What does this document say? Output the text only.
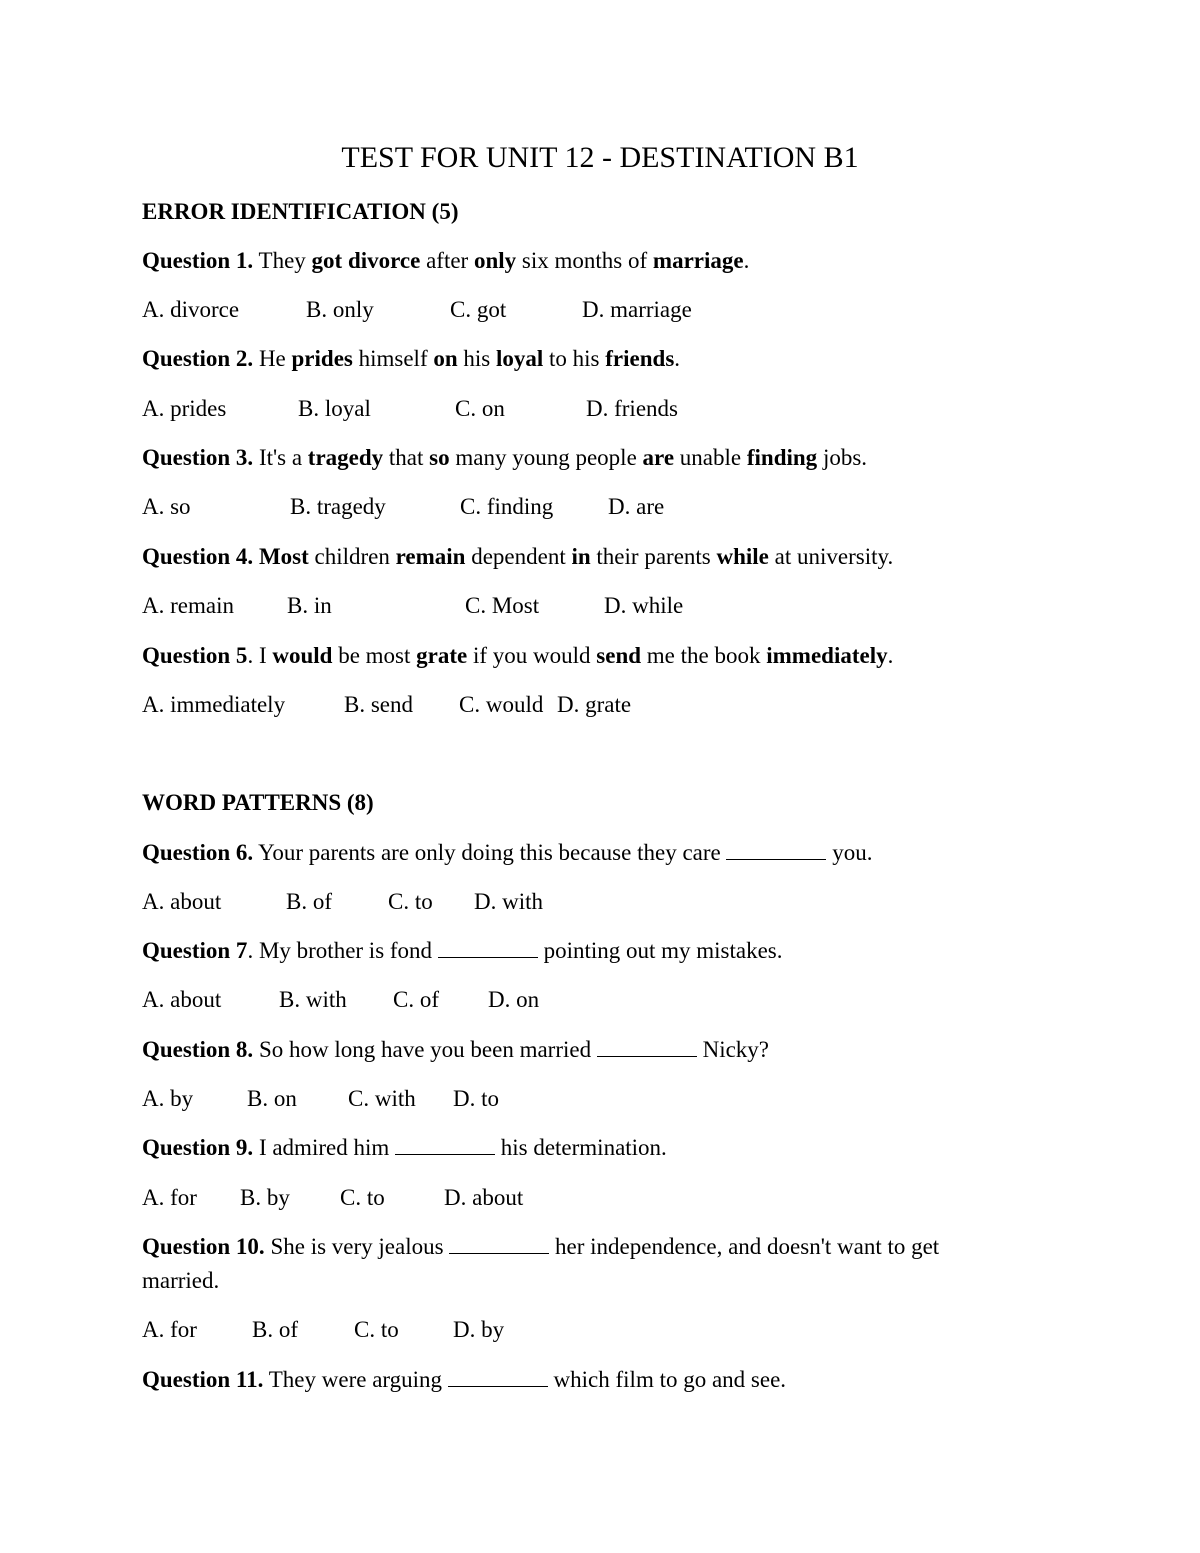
TEST FOR UNIT 12 - DESTINATION B1
ERROR IDENTIFICATION (5)
Question 1. They got divorce after only six months of marriage.
A. divorce	B. only	C. got	D. marriage
Question 2. He prides himself on his loyal to his friends.
A. prides	B. loyal	C. on	D. friends
Question 3. It's a tragedy that so many young people are unable finding jobs.
A. so	B. tragedy	C. finding D. are
Question 4. Most children remain dependent in their parents while at university.
A. remain B. in	C. Most	D. while
Question 5. I would be most grate if you would send me the book immediately.
A. immediately	B. send C. would D. grate
WORD PATTERNS (8)
Question 6. Your parents are only doing this because they care	you.
A. about	B. of C. to D. with
Question 7. My brother is fond	pointing out my mistakes.
A. about	B. with C. of D. on
Question 8. So how long have you been married	Nicky?
A. by B. on C. with D. to
Question 9. I admired him	his determination.
A. for B. by C. to	D. about
Question 10. She is very jealous	her independence, and doesn't want to get
married.
A. for B. of C. to D. by
Question 11. They were arguing	which film to go and see.
